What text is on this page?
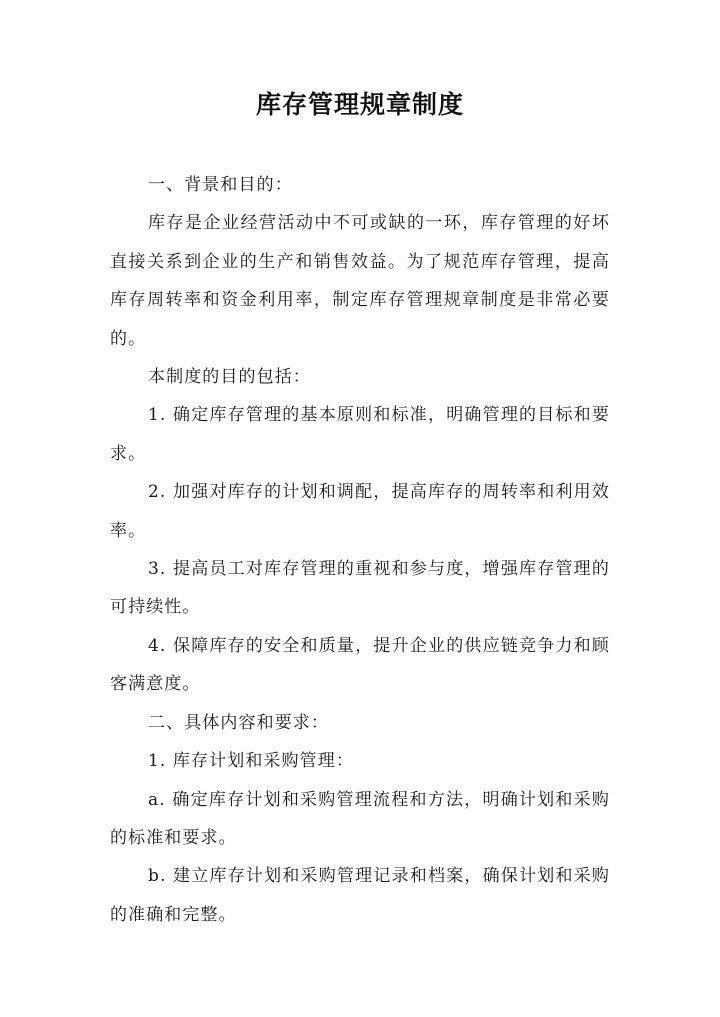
库存管理规章制度

一、背景和目的：

库存是企业经营活动中不可或缺的一环，库存管理的好坏直接关系到企业的生产和销售效益。为了规范库存管理，提高库存周转率和资金利用率，制定库存管理规章制度是非常必要的。

本制度的目的包括：

1. 确定库存管理的基本原则和标准，明确管理的目标和要求。

2. 加强对库存的计划和调配，提高库存的周转率和利用效率。

3. 提高员工对库存管理的重视和参与度，增强库存管理的可持续性。

4. 保障库存的安全和质量，提升企业的供应链竞争力和顾客满意度。

二、具体内容和要求：

1. 库存计划和采购管理：

a. 确定库存计划和采购管理流程和方法，明确计划和采购的标准和要求。

b. 建立库存计划和采购管理记录和档案，确保计划和采购的准确和完整。
